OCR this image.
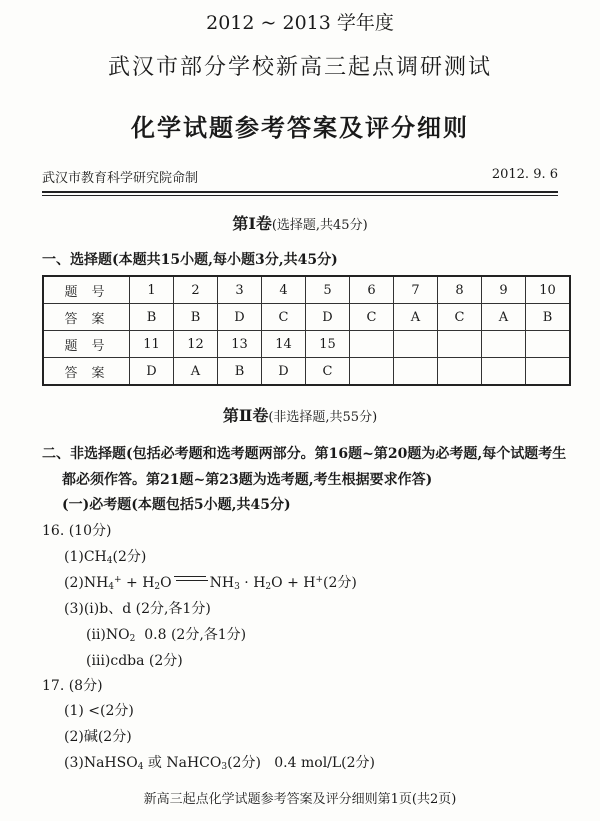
2012 ~ 2013 学年度
武汉市部分学校新高三起点调研测试
化学试题参考答案及评分细则
武汉市教育科学研究院命制	2012. 9. 6
第Ⅰ卷(选择题,共45分)
一、选择题(本题共15小题,每小题3分,共45分)
题号	1	2	3	4	5	6	7	8	9	10
答案	B	B	D	C	D	C	A	C	A	B
题号	11	12	13	14	15					
答案	D	A	B	D	C					
第Ⅱ卷(非选择题,共55分)
二、非选择题(包括必考题和选考题两部分。第16题~第20题为必考题,每个试题考生
都必须作答。第21题~第23题为选考题,考生根据要求作答)
(一)必考题(本题包括5小题,共45分)
16. (10分)
$(1)CH_4(2$分)
$(2)NH_4^+ + H_2O$	$NH_3 \cdot H_2O + H^+(2$分)
(3)(ⅰ)b、d (2分,各1分)
$(ⅱ)NO_2$  0.8 (2分,各1分)
(ⅲ)cdba (2分)
17. (8分)
(1) <(2分)
(2)碱(2分)
(3)NaHSO$_4$ 或 NaHCO$_3$(2分)   0.4 mol/L(2分)
新高三起点化学试题参考答案及评分细则第1页(共2页)
